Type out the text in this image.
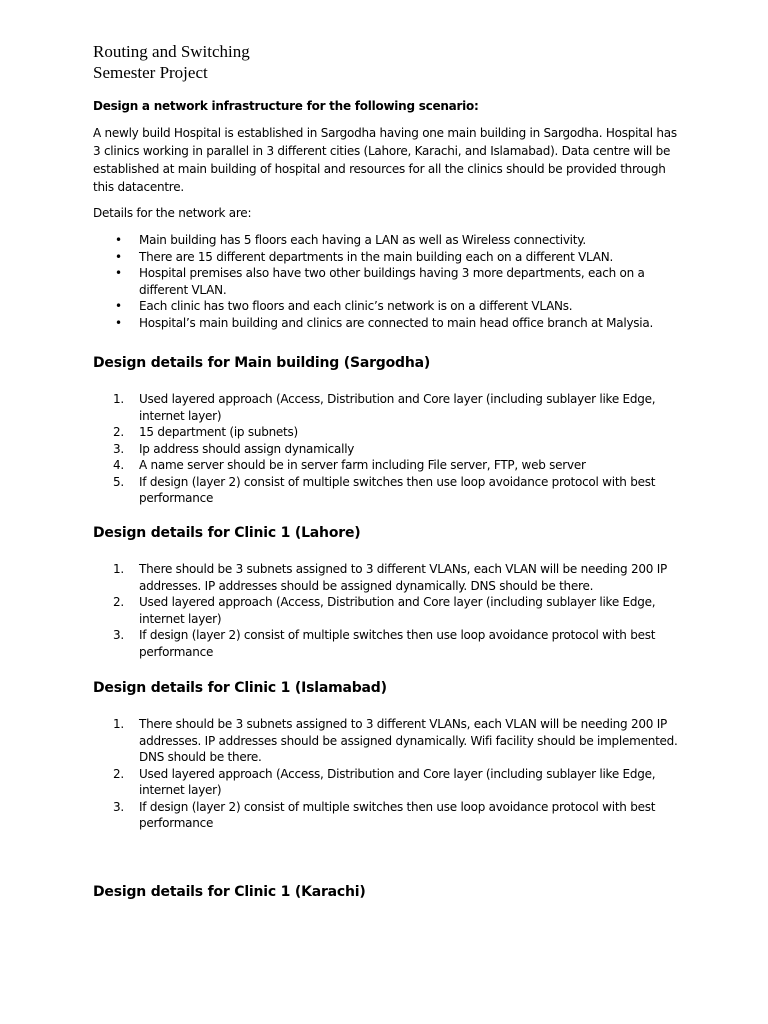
Routing and Switching
Semester Project

Design a network infrastructure for the following scenario:

A newly build Hospital is established in Sargodha having one main building in Sargodha. Hospital has 3 clinics working in parallel in 3 different cities (Lahore, Karachi, and Islamabad). Data centre will be established at main building of hospital and resources for all the clinics should be provided through this datacentre.

Details for the network are:

• Main building has 5 floors each having a LAN as well as Wireless connectivity.
• There are 15 different departments in the main building each on a different VLAN.
• Hospital premises also have two other buildings having 3 more departments, each on a different VLAN.
• Each clinic has two floors and each clinic’s network is on a different VLANs.
• Hospital’s main building and clinics are connected to main head office branch at Malysia.
Design details for Main building (Sargodha)
1.	Used layered approach (Access, Distribution and Core layer (including sublayer like Edge, internet layer)
2.	15 department (ip subnets)
3.	Ip address should assign dynamically
4.	A name server should be in server farm including File server, FTP, web server
5.	If design (layer 2) consist of multiple switches then use loop avoidance protocol with best performance
Design details for Clinic 1 (Lahore)
1.	There should be 3 subnets assigned to 3 different VLANs, each VLAN will be needing 200 IP addresses. IP addresses should be assigned dynamically. DNS should be there.
2.	Used layered approach (Access, Distribution and Core layer (including sublayer like Edge, internet layer)
3.	If design (layer 2) consist of multiple switches then use loop avoidance protocol with best performance
Design details for Clinic 1 (Islamabad)
1.	There should be 3 subnets assigned to 3 different VLANs, each VLAN will be needing 200 IP addresses. IP addresses should be assigned dynamically. Wifi facility should be implemented. DNS should be there.
2.	Used layered approach (Access, Distribution and Core layer (including sublayer like Edge, internet layer)
3.	If design (layer 2) consist of multiple switches then use loop avoidance protocol with best performance
Design details for Clinic 1 (Karachi)
